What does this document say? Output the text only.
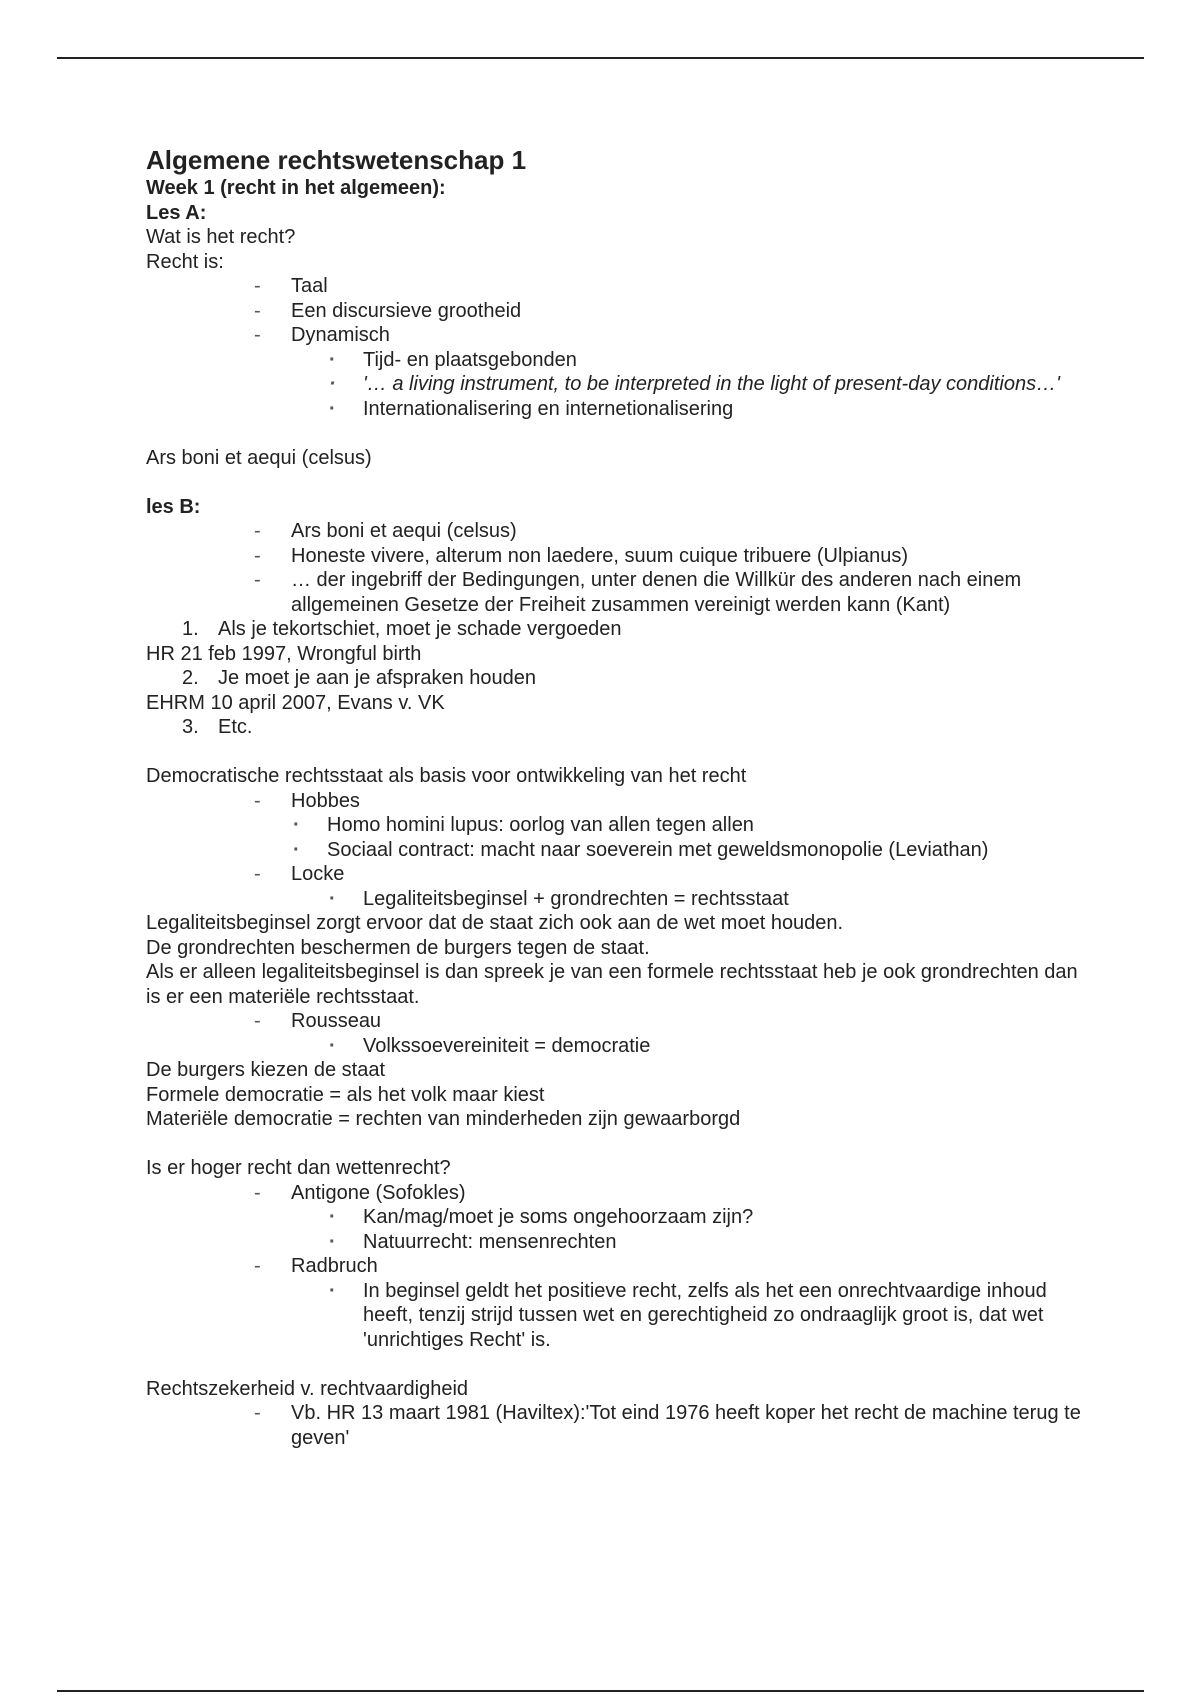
Algemene rechtswetenschap 1
Week 1 (recht in het algemeen):
Les A:
Wat is het recht?
Recht is:
- Taal
- Een discursieve grootheid
- Dynamisch
· Tijd- en plaatsgebonden
· '… a living instrument, to be interpreted in the light of present-day conditions…'
· Internationalisering en internetionalisering
Ars boni et aequi (celsus)
les B:
- Ars boni et aequi (celsus)
- Honeste vivere, alterum non laedere, suum cuique tribuere (Ulpianus)
- … der ingebriff der Bedingungen, unter denen die Willkür des anderen nach einem allgemeinen Gesetze der Freiheit zusammen vereinigt werden kann (Kant)
1. Als je tekortschiet, moet je schade vergoeden
HR 21 feb 1997, Wrongful birth
2. Je moet je aan je afspraken houden
EHRM 10 april 2007, Evans v. VK
3. Etc.
Democratische rechtsstaat als basis voor ontwikkeling van het recht
- Hobbes
· Homo homini lupus: oorlog van allen tegen allen
· Sociaal contract: macht naar soeverein met geweldsmonopolie (Leviathan)
- Locke
· Legaliteitsbeginsel + grondrechten = rechtsstaat
Legaliteitsbeginsel zorgt ervoor dat de staat zich ook aan de wet moet houden.
De grondrechten beschermen de burgers tegen de staat.
Als er alleen legaliteitsbeginsel is dan spreek je van een formele rechtsstaat heb je ook grondrechten dan is er een materiële rechtsstaat.
- Rousseau
· Volkssoevereiniteit = democratie
De burgers kiezen de staat
Formele democratie = als het volk maar kiest
Materiële democratie = rechten van minderheden zijn gewaarborgd
Is er hoger recht dan wettenrecht?
- Antigone (Sofokles)
· Kan/mag/moet je soms ongehoorzaam zijn?
· Natuurrecht: mensenrechten
- Radbruch
· In beginsel geldt het positieve recht, zelfs als het een onrechtvaardige inhoud heeft, tenzij strijd tussen wet en gerechtigheid zo ondraaglijk groot is, dat wet 'unrichtiges Recht' is.
Rechtszekerheid v. rechtvaardigheid
- Vb. HR 13 maart 1981 (Haviltex):'Tot eind 1976 heeft koper het recht de machine terug te geven'
